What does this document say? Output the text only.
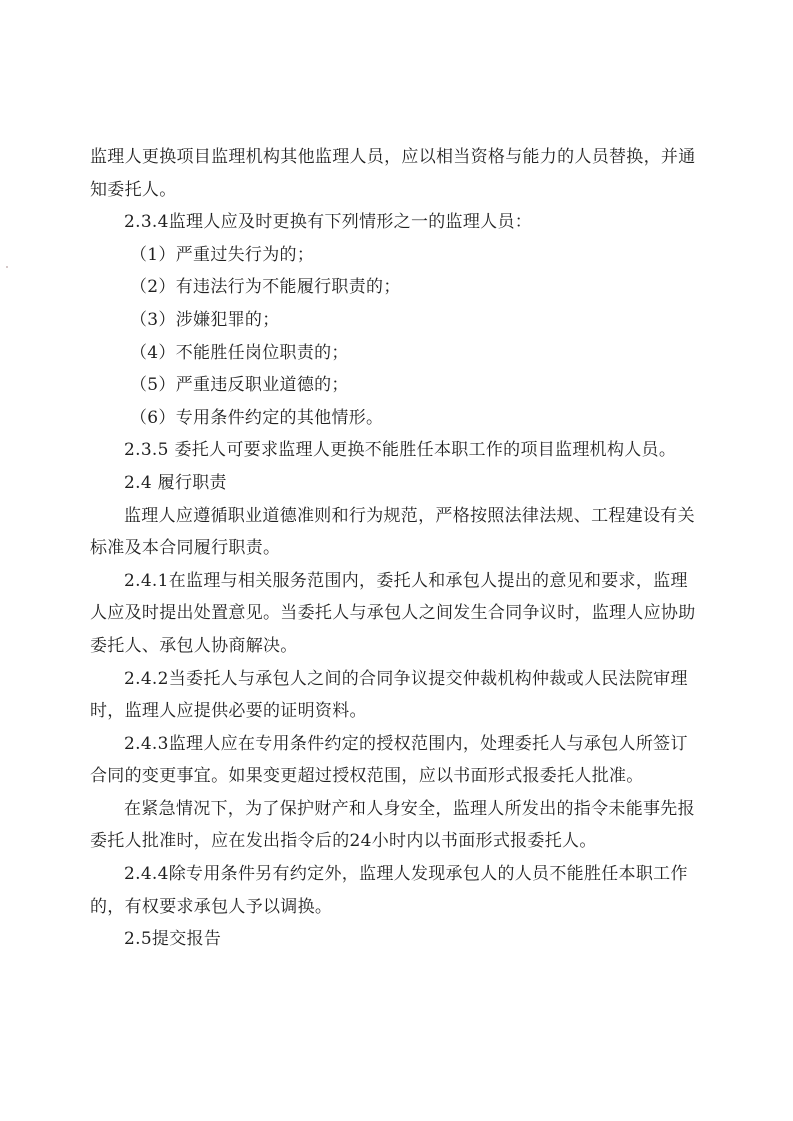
监理人更换项目监理机构其他监理人员，应以相当资格与能力的人员替换，并通
知委托人。
2.3.4监理人应及时更换有下列情形之一的监理人员：
（1）严重过失行为的；
（2）有违法行为不能履行职责的；
（3）涉嫌犯罪的；
（4）不能胜任岗位职责的；
（5）严重违反职业道德的；
（6）专用条件约定的其他情形。
2.3.5 委托人可要求监理人更换不能胜任本职工作的项目监理机构人员。
2.4 履行职责
监理人应遵循职业道德准则和行为规范，严格按照法律法规、工程建设有关
标准及本合同履行职责。
2.4.1在监理与相关服务范围内，委托人和承包人提出的意见和要求，监理
人应及时提出处置意见。当委托人与承包人之间发生合同争议时，监理人应协助
委托人、承包人协商解决。
2.4.2当委托人与承包人之间的合同争议提交仲裁机构仲裁或人民法院审理
时，监理人应提供必要的证明资料。
2.4.3监理人应在专用条件约定的授权范围内，处理委托人与承包人所签订
合同的变更事宜。如果变更超过授权范围，应以书面形式报委托人批准。
在紧急情况下，为了保护财产和人身安全，监理人所发出的指令未能事先报
委托人批准时，应在发出指令后的24小时内以书面形式报委托人。
2.4.4除专用条件另有约定外，监理人发现承包人的人员不能胜任本职工作
的，有权要求承包人予以调换。
2.5提交报告
